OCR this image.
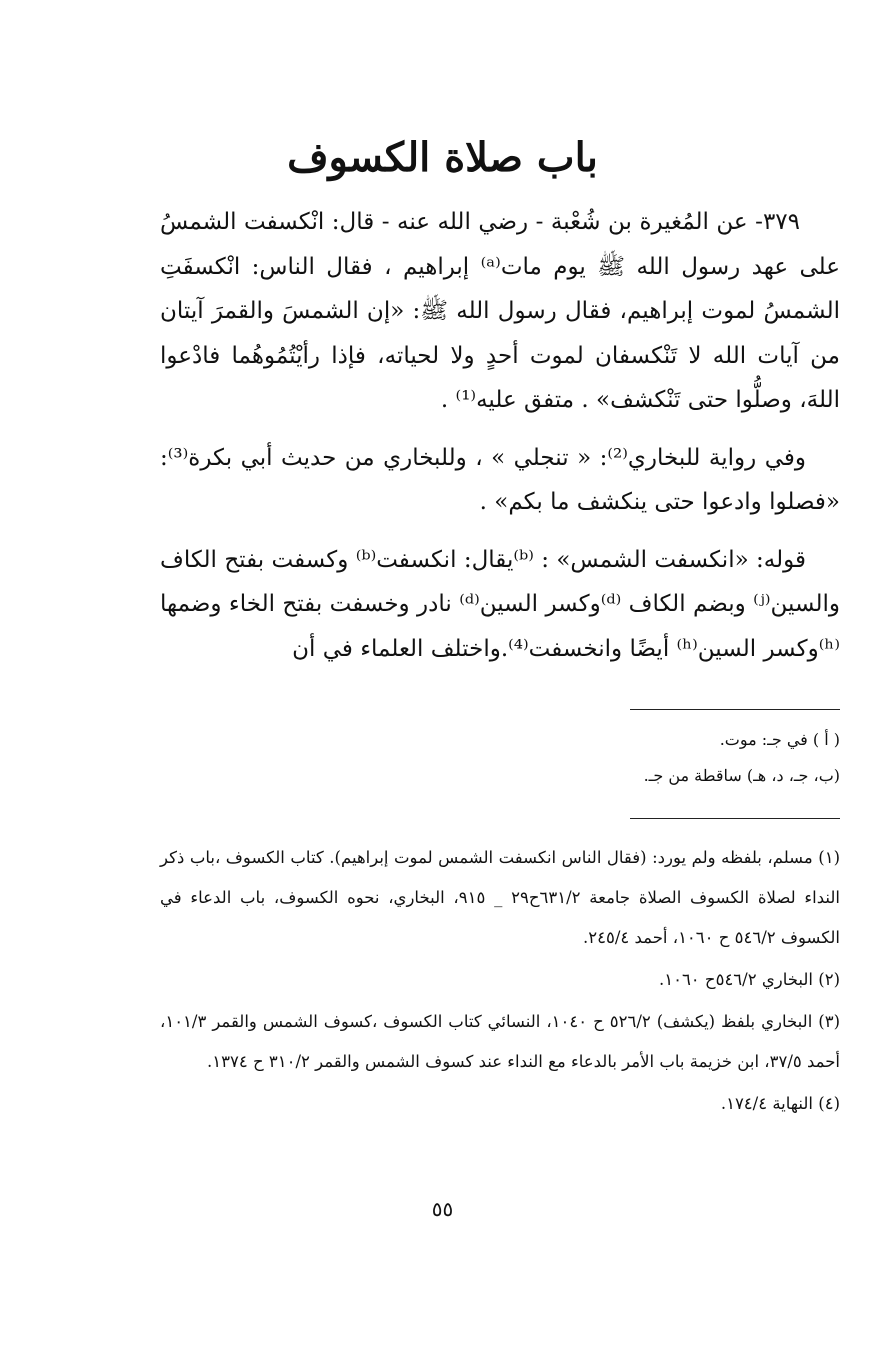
باب صلاة الكسوف

٣٧٩- عن المُغيرة بن شُعْبة - رضي الله عنه - قال: انْكسفت الشمسُ على عهد رسول الله ﷺ يوم مات⁽ᵃ⁾ إبراهيم ، فقال الناس: انْكسفَتِ الشمسُ لموت إبراهيم، فقال رسول الله ﷺ: «إن الشمسَ والقمرَ آيتان من آيات الله لا تَنْكسفان لموت أحدٍ ولا لحياته، فإذا رأيْتُمُوهُما فادْعوا اللهَ، وصلُّوا حتى تَنْكشف» . متفق عليه⁽¹⁾ .

وفي رواية للبخاري⁽²⁾: « تنجلي » ، وللبخاري من حديث أبي بكرة⁽³⁾: «فصلوا وادعوا حتى ينكشف ما بكم» .

قوله: «انكسفت الشمس» : ⁽ᵇ⁾يقال: انكسفت⁽ᵇ⁾ وكسفت بفتح الكاف والسين⁽ʲ⁾ وبضم الكاف ⁽ᵈ⁾وكسر السين⁽ᵈ⁾ نادر وخسفت بفتح الخاء وضمها ⁽ʰ⁾وكسر السين⁽ʰ⁾ أيضًا وانخسفت⁽⁴⁾.واختلف العلماء في أن

( أ ) في جـ: موت.
(ب، جـ، د، هـ) ساقطة من جـ.
(١) مسلم، بلفظه ولم يورد: (فقال الناس انكسفت الشمس لموت إبراهيم). كتاب الكسوف ،باب ذكر النداء لصلاة الكسوف الصلاة جامعة ٦٣١/٢ح٢٩ _ ٩١٥، البخاري، نحوه الكسوف، باب الدعاء في الكسوف ٥٤٦/٢ ح ١٠٦٠، أحمد ٢٤٥/٤.
(٢) البخاري ٥٤٦/٢ح ١٠٦٠.
(٣) البخاري بلفظ (يكشف) ٥٢٦/٢ ح ١٠٤٠، النسائي كتاب الكسوف ،كسوف الشمس والقمر ١٠١/٣، أحمد ٣٧/٥، ابن خزيمة باب الأمر بالدعاء مع النداء عند كسوف الشمس والقمر ٣١٠/٢ ح ١٣٧٤.
(٤) النهاية ١٧٤/٤.
٥٥
